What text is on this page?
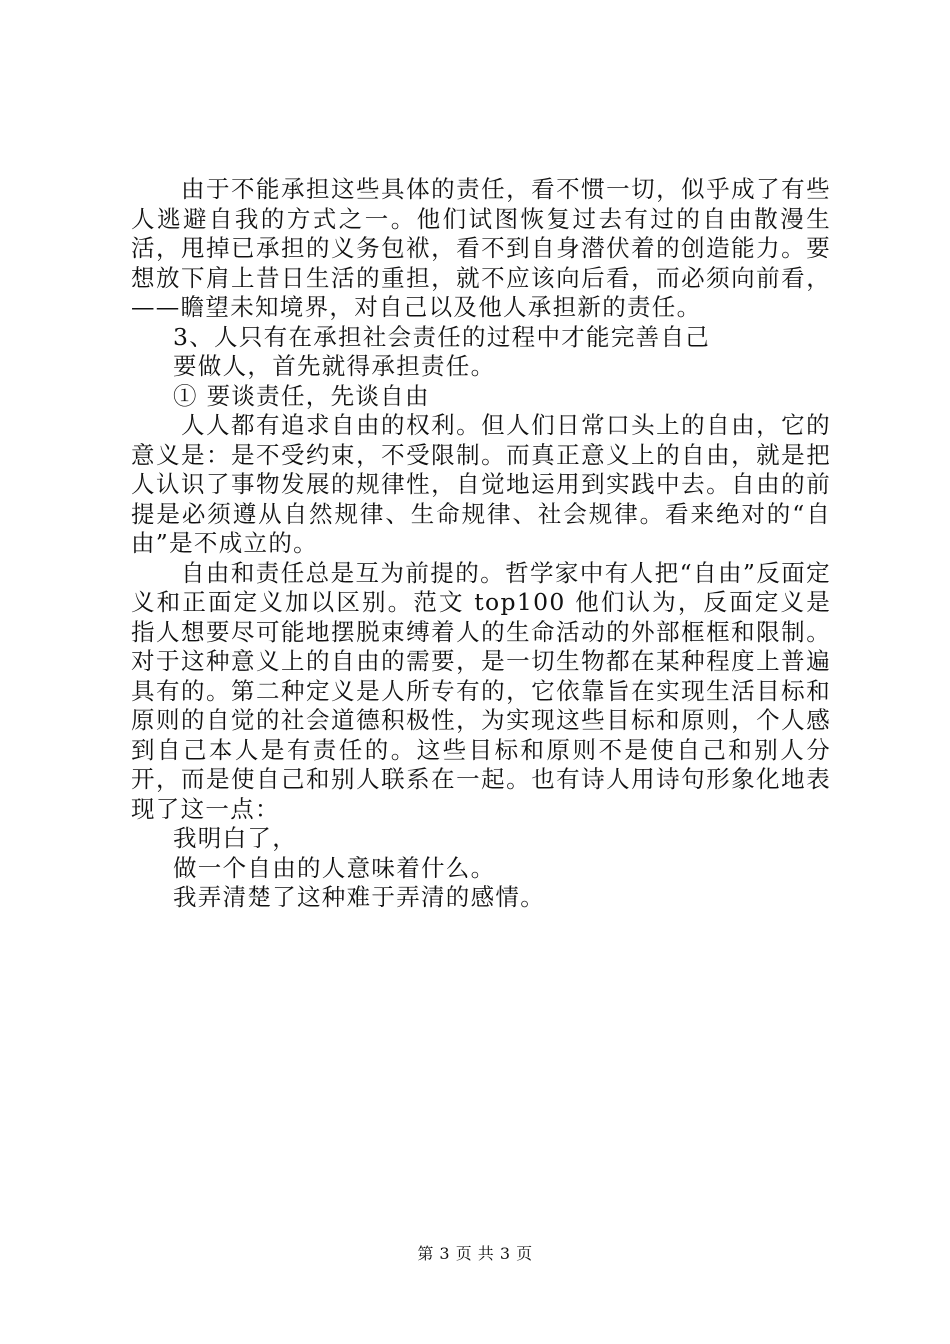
由于不能承担这些具体的责任，看不惯一切，似乎成了有些人逃避自我的方式之一。他们试图恢复过去有过的自由散漫生活，甩掉已承担的义务包袱，看不到自身潜伏着的创造能力。要想放下肩上昔日生活的重担，就不应该向后看，而必须向前看，——瞻望未知境界，对自己以及他人承担新的责任。

3、人只有在承担社会责任的过程中才能完善自己

要做人，首先就得承担责任。

① 要谈责任，先谈自由

人人都有追求自由的权利。但人们日常口头上的自由，它的意义是：是不受约束，不受限制。而真正意义上的自由，就是把人认识了事物发展的规律性，自觉地运用到实践中去。自由的前提是必须遵从自然规律、生命规律、社会规律。看来绝对的“自由”是不成立的。

自由和责任总是互为前提的。哲学家中有人把“自由”反面定义和正面定义加以区别。范文 top100 他们认为，反面定义是指人想要尽可能地摆脱束缚着人的生命活动的外部框框和限制。对于这种意义上的自由的需要，是一切生物都在某种程度上普遍具有的。第二种定义是人所专有的，它依靠旨在实现生活目标和原则的自觉的社会道德积极性，为实现这些目标和原则，个人感到自己本人是有责任的。这些目标和原则不是使自己和别人分开，而是使自己和别人联系在一起。也有诗人用诗句形象化地表现了这一点：

我明白了，

做一个自由的人意味着什么。

我弄清楚了这种难于弄清的感情。

第 3 页 共 3 页
